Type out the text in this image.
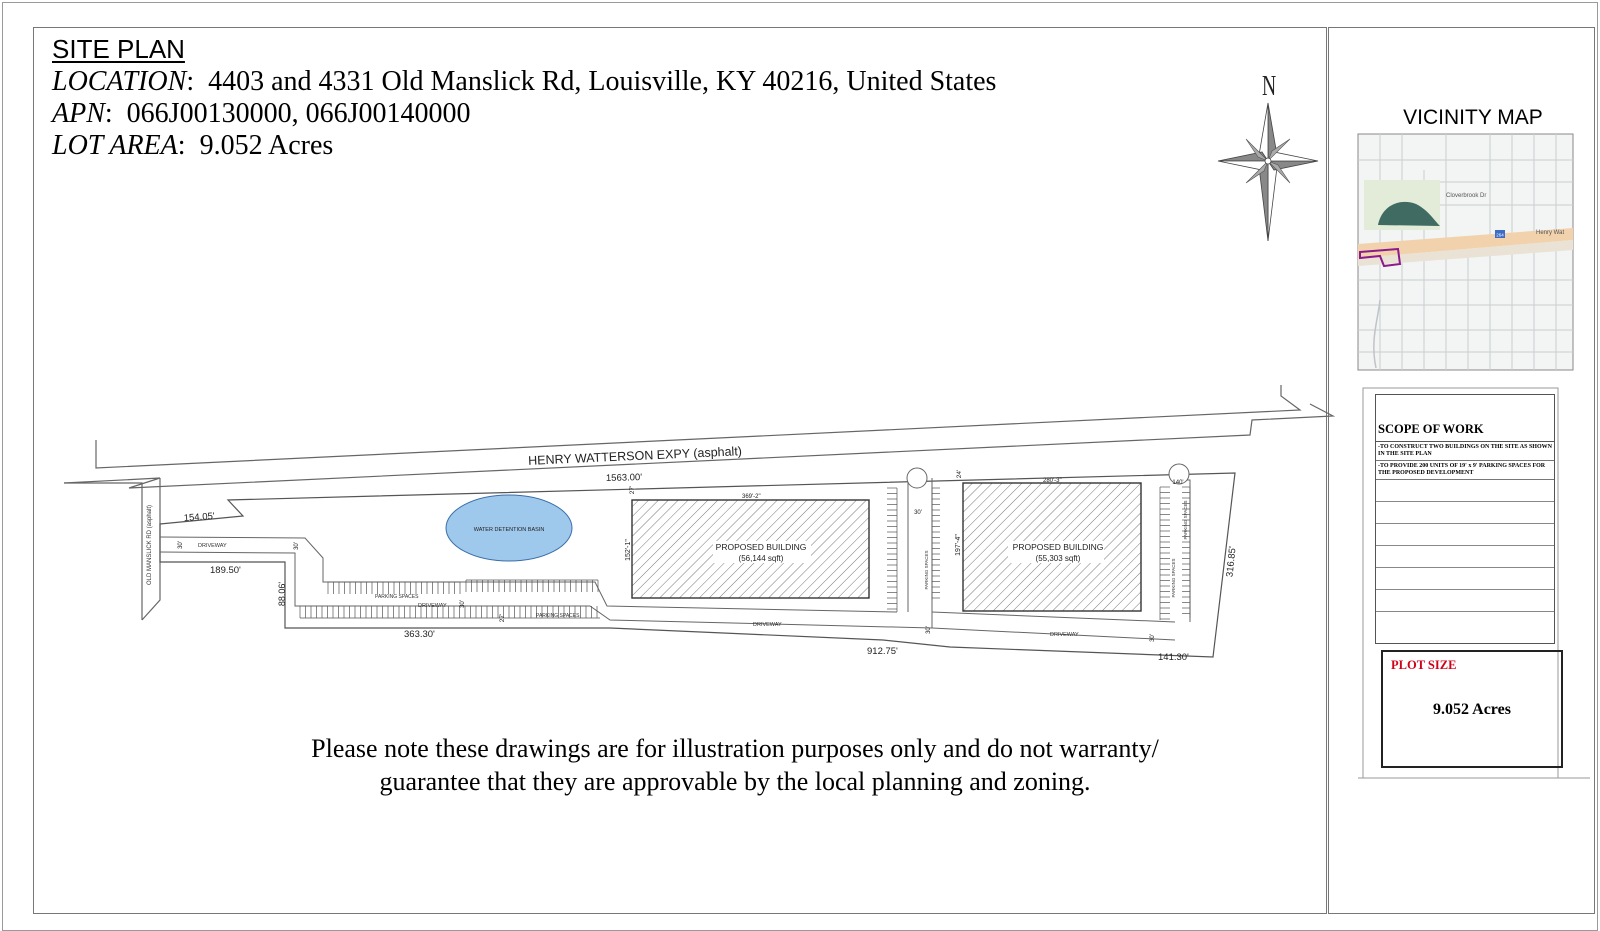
SITE PLAN
LOCATION:  4403 and 4331 Old Manslick Rd, Louisville, KY 40216, United States
APN:  066J00130000, 066J00140000
LOT AREA:  9.052 Acres
N
HENRY WATTERSON EXPY (asphalt)
OLD MANSLICK RD (asphalt)
PARKING SPACES
PARKING SPACES
PARKING SPACES	PARKING SPACES
PARKING SPACES
WATER DETENTION BASIN
PROPOSED BUILDING
(56,144 sqft)
PROPOSED BUILDING
(55,303 sqft)
DRIVEWAY
DRIVEWAY
DRIVEWAY
DRIVEWAY
1563.00'
154.05'
189.50'
88.06'
363.30'
912.75'
141.30'
316.85'
140'
369'-2"
152'-1"
280'-3"
197'-4"
30'	30'
30'
30'
30'
30'
27'
27'
24'
264
Cloverbrook Dr
Henry Wat
VICINITY MAP
SCOPE OF WORK
-TO CONSTRUCT TWO BUILDINGS ON THE SITE AS SHOWN IN THE SITE PLAN
-TO PROVIDE 200 UNITS OF 19' x 9' PARKING SPACES FOR THE PROPOSED DEVELOPMENT
PLOT SIZE
9.052 Acres
Please note these drawings are for illustration purposes only and do not warranty/
guarantee that they are approvable by the local planning and zoning.
